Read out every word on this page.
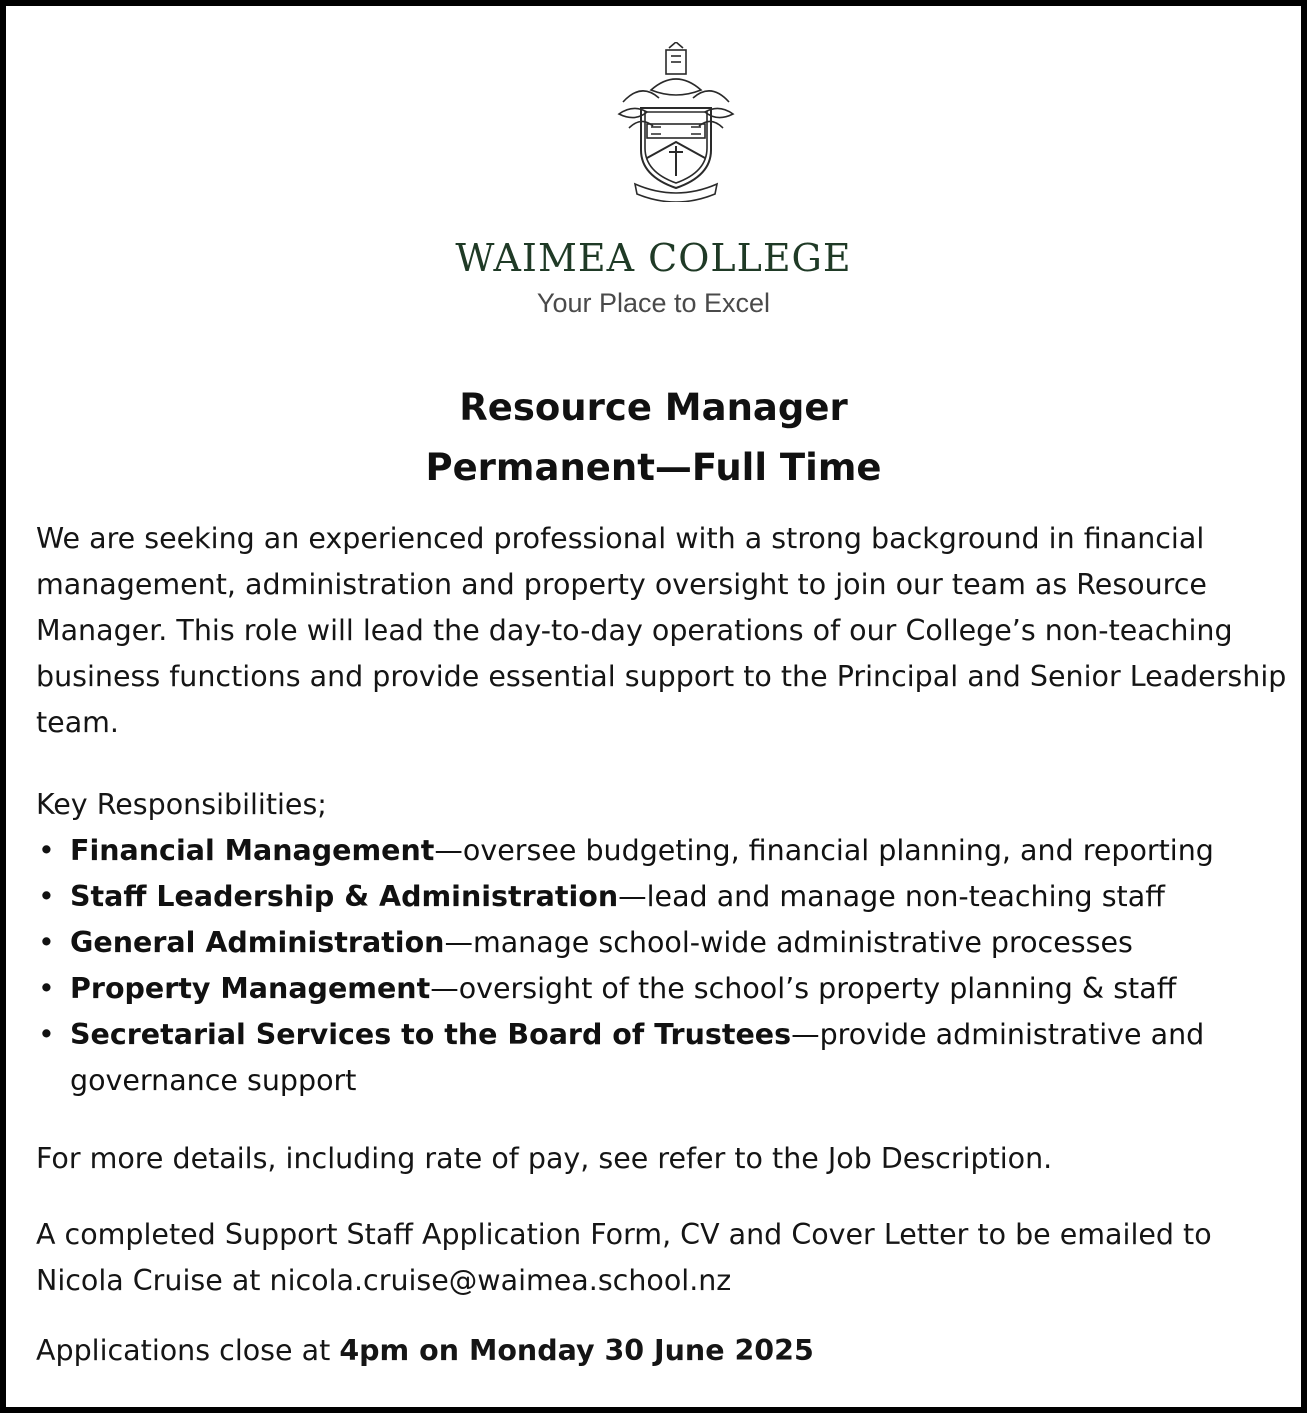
WAIMEA COLLEGE
Your Place to Excel
Resource Manager
Permanent—Full Time
We are seeking an experienced professional with a strong background in financial management, administration and property oversight to join our team as Resource Manager. This role will lead the day-to-day operations of our College’s non-teaching business functions and provide essential support to the Principal and Senior Leadership team.
Key Responsibilities;
• Financial Management—oversee budgeting, financial planning, and reporting
• Staff Leadership & Administration—lead and manage non-teaching staff
• General Administration—manage school-wide administrative processes
• Property Management—oversight of the school’s property planning & staff
• Secretarial Services to the Board of Trustees—provide administrative and governance support
For more details, including rate of pay, see refer to the Job Description.
A completed Support Staff Application Form, CV and Cover Letter to be emailed to Nicola Cruise at nicola.cruise@waimea.school.nz
Applications close at 4pm on Monday 30 June 2025
